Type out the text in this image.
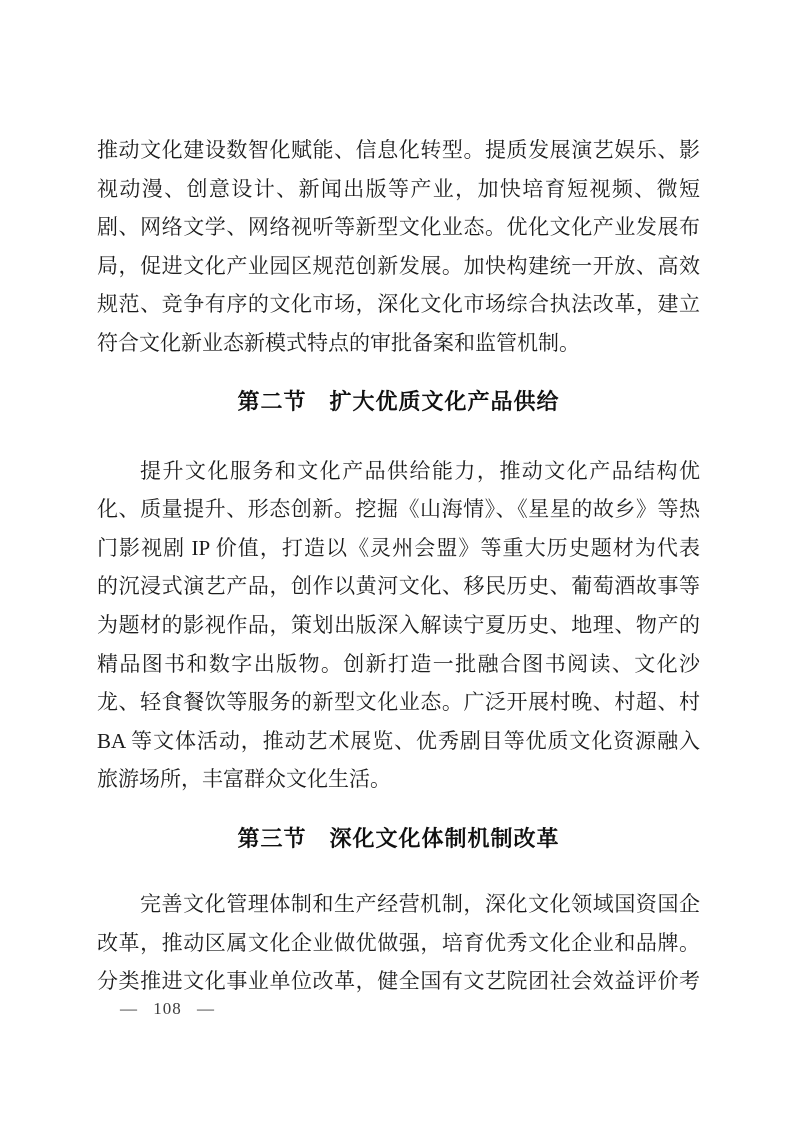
推动文化建设数智化赋能、信息化转型。提质发展演艺娱乐、影
视动漫、创意设计、新闻出版等产业，加快培育短视频、微短
剧、网络文学、网络视听等新型文化业态。优化文化产业发展布
局，促进文化产业园区规范创新发展。加快构建统一开放、高效
规范、竞争有序的文化市场，深化文化市场综合执法改革，建立
符合文化新业态新模式特点的审批备案和监管机制。
第二节　扩大优质文化产品供给
提升文化服务和文化产品供给能力，推动文化产品结构优
化、质量提升、形态创新。挖掘《山海情》、《星星的故乡》等热
门影视剧 IP 价值，打造以《灵州会盟》等重大历史题材为代表
的沉浸式演艺产品，创作以黄河文化、移民历史、葡萄酒故事等
为题材的影视作品，策划出版深入解读宁夏历史、地理、物产的
精品图书和数字出版物。创新打造一批融合图书阅读、文化沙
龙、轻食餐饮等服务的新型文化业态。广泛开展村晚、村超、村
BA 等文体活动，推动艺术展览、优秀剧目等优质文化资源融入
旅游场所，丰富群众文化生活。
第三节　深化文化体制机制改革
完善文化管理体制和生产经营机制，深化文化领域国资国企
改革，推动区属文化企业做优做强，培育优秀文化企业和品牌。
分类推进文化事业单位改革，健全国有文艺院团社会效益评价考
— 108 —
